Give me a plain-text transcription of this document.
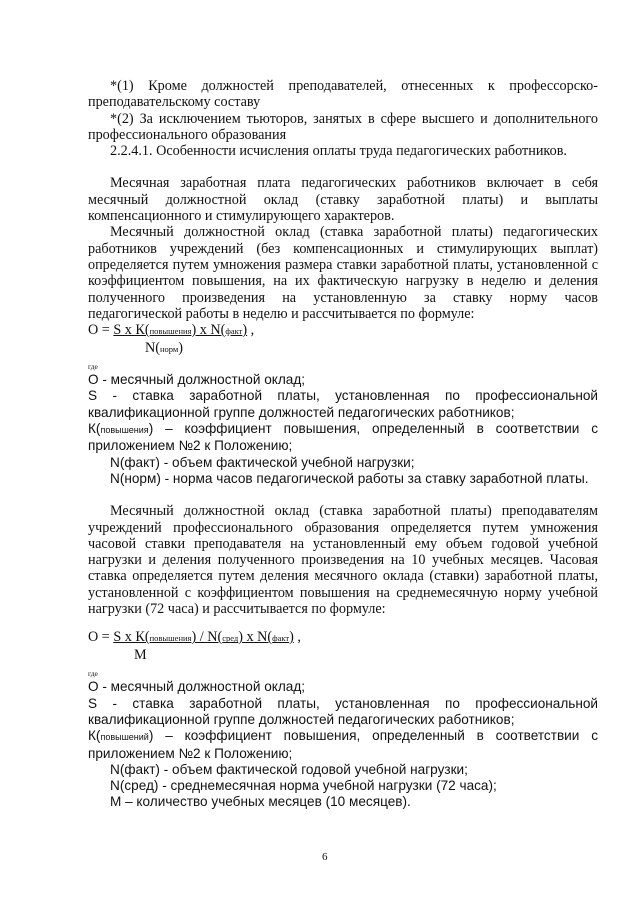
*(1) Кроме должностей преподавателей, отнесенных к профессорско-преподавательскому составу

*(2) За исключением тьюторов, занятых в сфере высшего и дополнительного профессионального образования

2.2.4.1. Особенности исчисления оплаты труда педагогических работников.

Месячная заработная плата педагогических работников включает в себя месячный должностной оклад (ставку заработной платы) и выплаты компенсационного и стимулирующего характеров.

Месячный должностной оклад (ставка заработной платы) педагогических работников учреждений (без компенсационных и стимулирующих выплат) определяется путем умножения размера ставки заработной платы, установленной с коэффициентом повышения, на их фактическую нагрузку в неделю и деления полученного произведения на установленную за ставку норму часов педагогической работы в неделю и рассчитывается по формуле:

О = S x К(повышения) x N(факт) ,
N(норм)

где

О - месячный должностной оклад;

S - ставка заработной платы, установленная по профессиональной квалификационной группе должностей педагогических работников;

К(повышения) – коэффициент повышения, определенный в соответствии с приложением №2 к Положению;

N(факт) - объем фактической учебной нагрузки;

N(норм) - норма часов педагогической работы за ставку заработной платы.

Месячный должностной оклад (ставка заработной платы) преподавателям учреждений профессионального образования определяется путем умножения часовой ставки преподавателя на установленный ему объем годовой учебной нагрузки и деления полученного произведения на 10 учебных месяцев. Часовая ставка определяется путем деления месячного оклада (ставки) заработной платы, установленной с коэффициентом повышения на среднемесячную норму учебной нагрузки (72 часа) и рассчитывается по формуле:

О = S x К(повышения) / N(сред) x N(факт) ,
М

где

О - месячный должностной оклад;

S - ставка заработной платы, установленная по профессиональной квалификационной группе должностей педагогических работников;

К(повышений) – коэффициент повышения, определенный в соответствии с приложением №2 к Положению;

N(факт) - объем фактической годовой учебной нагрузки;

N(сред) - среднемесячная норма учебной нагрузки (72 часа);

М – количество учебных месяцев (10 месяцев).

6
